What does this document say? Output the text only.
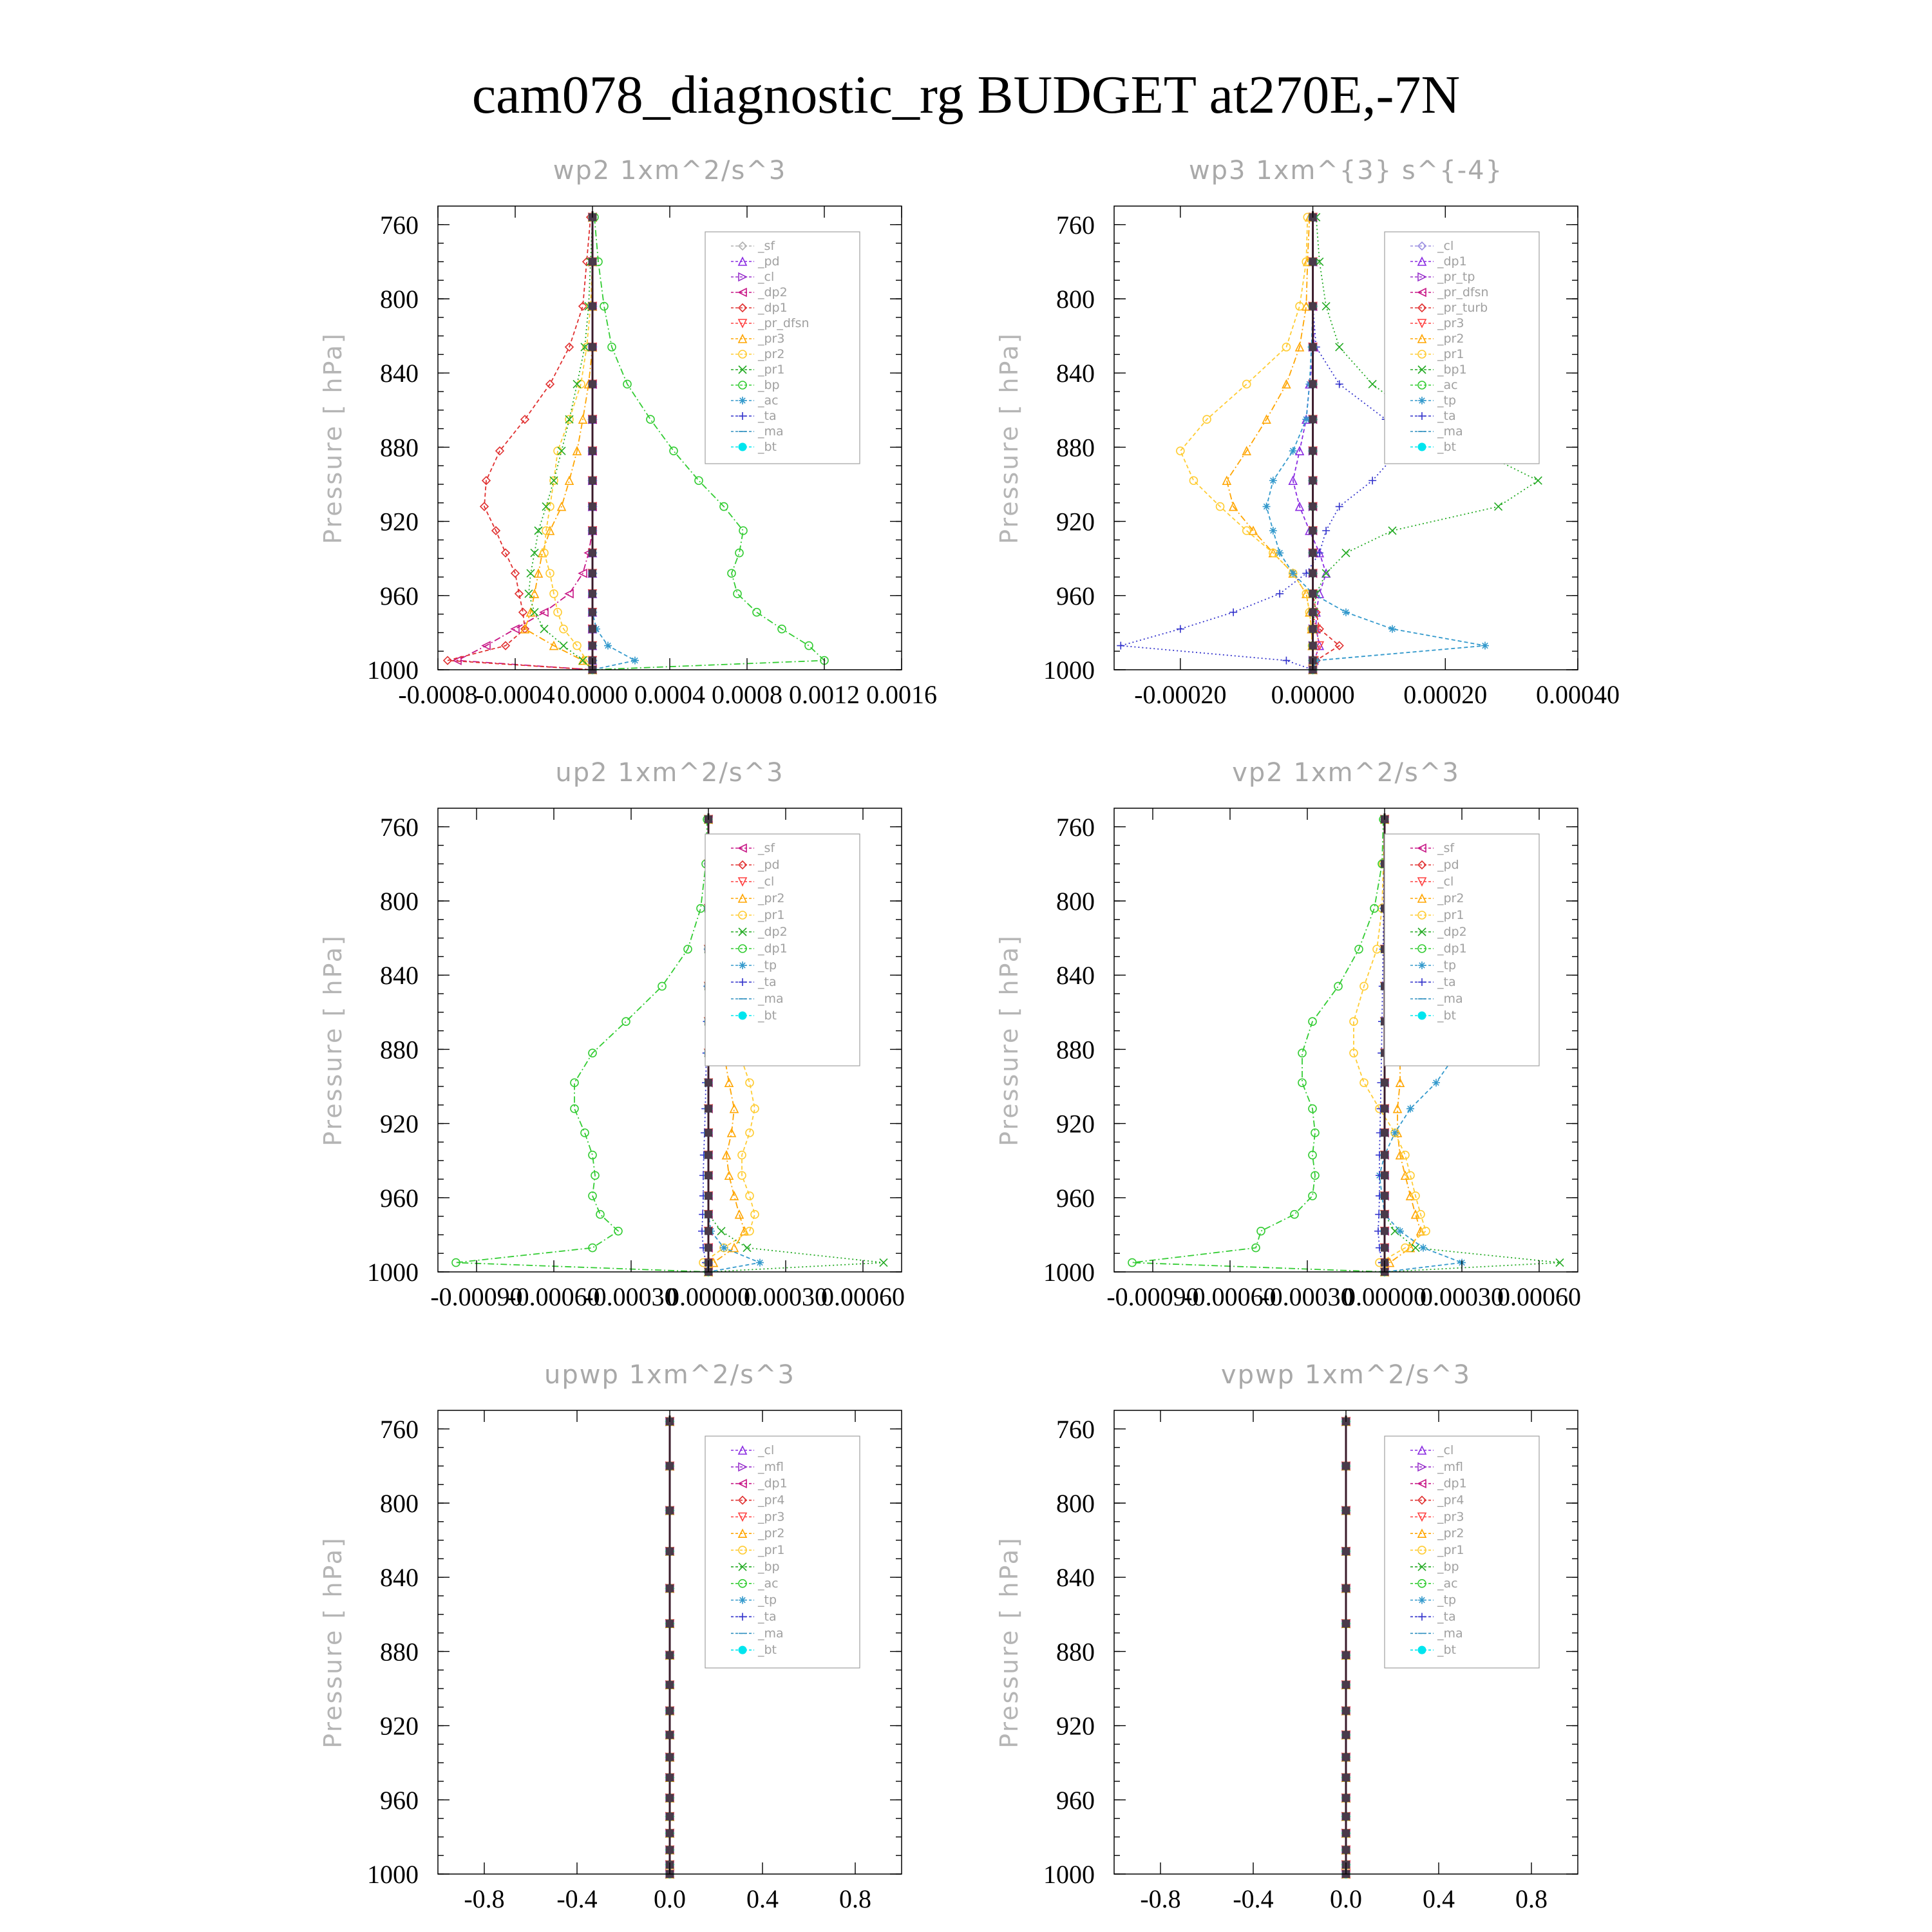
cam078_diagnostic_rg BUDGET at270E,-7N
wp2 1xm^2/s^3
Pressure [ hPa]
760
800
840
880
920
960
1000
-0.0008
-0.0004 0.0000 0.0004 0.0008 0.0012 0.0016
_sf
_pd
_cl
_dp2
_dp1
_pr_dfsn
_pr3
_pr2
_pr1
_bp
_ac
_ta
_ma
_bt
wp3 1xm^{3} s^{-4}
Pressure [ hPa]
760
800
840
880
920
960
1000
-0.00020 0.00000 0.00020 0.00040
_cl
_dp1
_pr_tp
_pr_dfsn
_pr_turb
_pr3
_pr2
_pr1
_bp1
_ac
_tp
_ta
_ma
_bt
up2 1xm^2/s^3
Pressure [ hPa]
760
800
840
880
920
960
1000
-0.00090
-0.00060
-0.00030
0.00000
0.00030
0.00060
_sf
_pd
_cl
_pr2
_pr1
_dp2
_dp1
_tp
_ta
_ma
_bt
vp2 1xm^2/s^3
Pressure [ hPa]
760
800
840
880
920
960
1000
-0.00090
-0.00060
-0.00030
0.00000
0.00030
0.00060
_sf
_pd
_cl
_pr2
_pr1
_dp2
_dp1
_tp
_ta
_ma
_bt
upwp 1xm^2/s^3
Pressure [ hPa]
760
800
840
880
920
960
1000
-0.8 -0.4 0.0 0.4 0.8
_cl
_mfl
_dp1
_pr4
_pr3
_pr2
_pr1
_bp
_ac
_tp
_ta
_ma
_bt
vpwp 1xm^2/s^3
Pressure [ hPa]
760
800
840
880
920
960
1000
-0.8 -0.4 0.0 0.4 0.8
_cl
_mfl
_dp1
_pr4
_pr3
_pr2
_pr1
_bp
_ac
_tp
_ta
_ma
_bt
